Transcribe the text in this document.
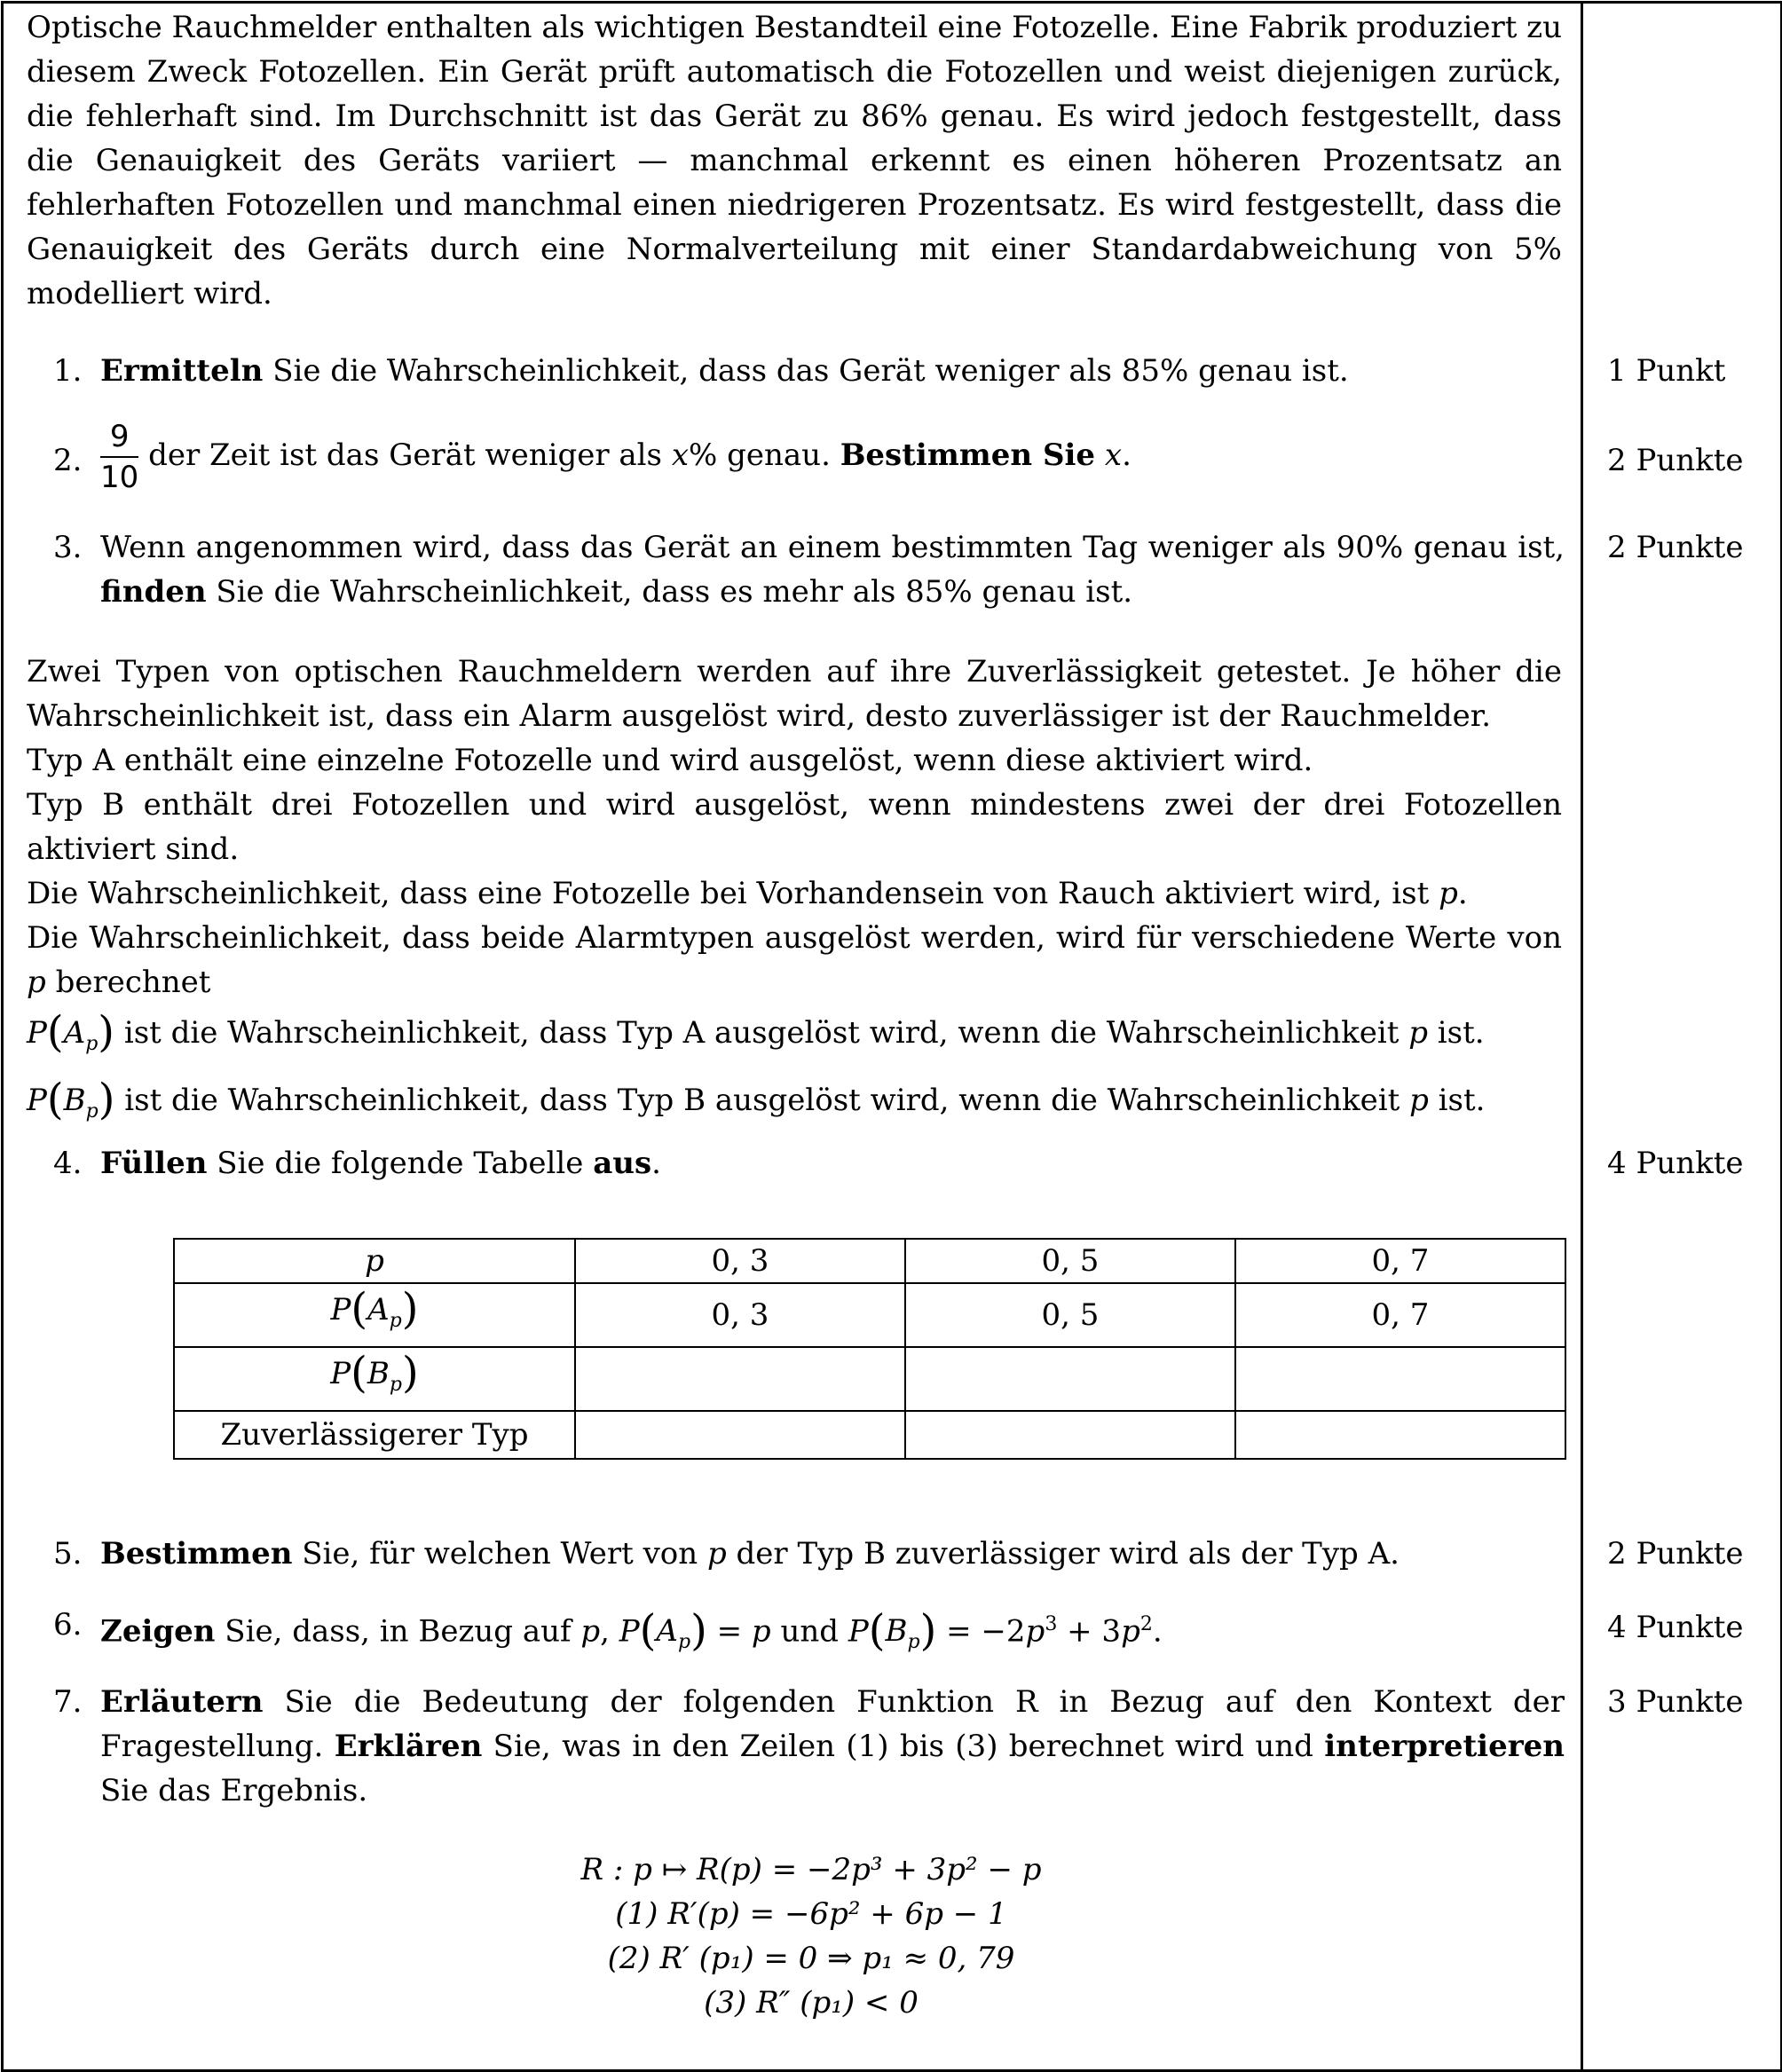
Optische Rauchmelder enthalten als wichtigen Bestandteil eine Fotozelle. Eine Fabrik produziert zu diesem Zweck Fotozellen. Ein Gerät prüft automatisch die Fotozellen und weist diejenigen zurück, die fehlerhaft sind. Im Durchschnitt ist das Gerät zu 86% genau. Es wird jedoch festgestellt, dass die Genauigkeit des Geräts variiert — manchmal erkennt es einen höheren Prozentsatz an fehlerhaften Fotozellen und manchmal einen niedrigeren Prozentsatz. Es wird festgestellt, dass die Genauigkeit des Geräts durch eine Normalverteilung mit einer Standardabweichung von 5% modelliert wird.

1. Ermitteln Sie die Wahrscheinlichkeit, dass das Gerät weniger als 85% genau ist.	1 Punkt
2. $\frac{9}{10}$ der Zeit ist das Gerät weniger als x% genau. Bestimmen Sie x.	2 Punkte
3. Wenn angenommen wird, dass das Gerät an einem bestimmten Tag weniger als 90% genau ist, finden Sie die Wahrscheinlichkeit, dass es mehr als 85% genau ist.
2 Punkte

Zwei Typen von optischen Rauchmeldern werden auf ihre Zuverlässigkeit getestet. Je höher die Wahrscheinlichkeit ist, dass ein Alarm ausgelöst wird, desto zuverlässiger ist der Rauchmelder.

Typ A enthält eine einzelne Fotozelle und wird ausgelöst, wenn diese aktiviert wird.

Typ B enthält drei Fotozellen und wird ausgelöst, wenn mindestens zwei der drei Fotozellen aktiviert sind.

Die Wahrscheinlichkeit, dass eine Fotozelle bei Vorhandensein von Rauch aktiviert wird, ist p.

Die Wahrscheinlichkeit, dass beide Alarmtypen ausgelöst werden, wird für verschiedene Werte von p berechnet

$P(A_p)$ ist die Wahrscheinlichkeit, dass Typ A ausgelöst wird, wenn die Wahrscheinlichkeit p ist.

$P(B_p)$ ist die Wahrscheinlichkeit, dass Typ B ausgelöst wird, wenn die Wahrscheinlichkeit p ist.

4. Füllen Sie die folgende Tabelle aus.	4 Punkte
p	0, 3	0, 5	0, 7
$P(A_p)$	0, 3	0, 5	0, 7
$P(B_p)$			
Zuverlässigerer Typ			
5. Bestimmen Sie, für welchen Wert von p der Typ B zuverlässiger wird als der Typ A.	2 Punkte
6. Zeigen Sie, dass, in Bezug auf p, $P(A_p) = p$ und $P(B_p) = -2p^3 + 3p^2$.	4 Punkte
7. Erläutern Sie die Bedeutung der folgenden Funktion R in Bezug auf den Kontext der Fragestellung. Erklären Sie, was in den Zeilen (1) bis (3) berechnet wird und interpretieren Sie das Ergebnis.
3 Punkte
R : p ↦ R(p) = −2p³ + 3p² − p
(1) R′(p) = −6p² + 6p − 1
(2) R′ (p₁) = 0 ⇒ p₁ ≈ 0, 79
(3) R″ (p₁) < 0
